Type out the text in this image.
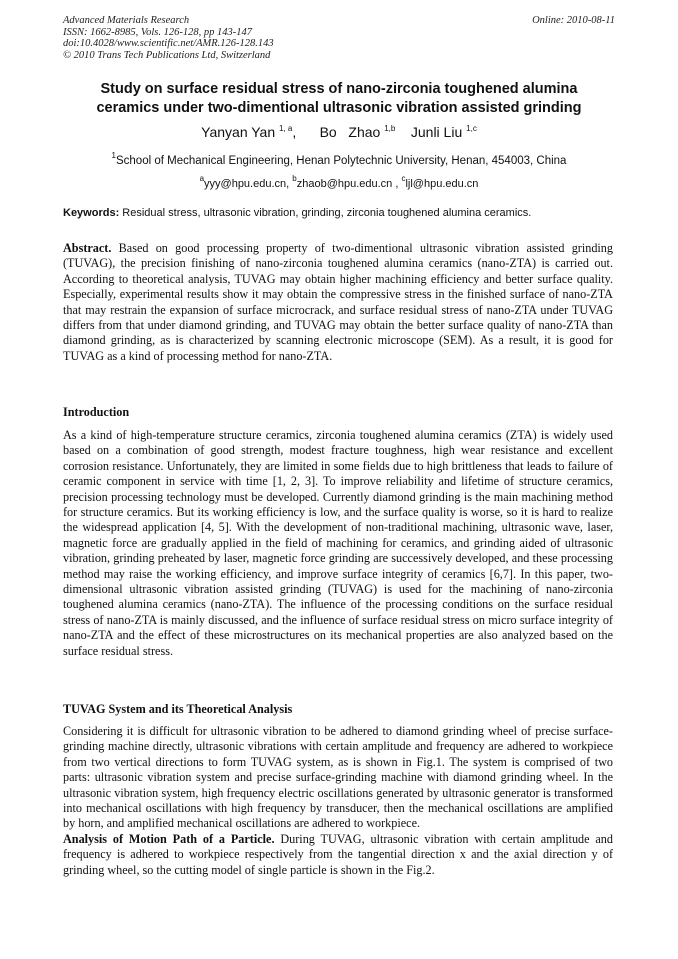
Advanced Materials Research
ISSN: 1662-8985, Vols. 126-128, pp 143-147
doi:10.4028/www.scientific.net/AMR.126-128.143
© 2010 Trans Tech Publications Ltd, Switzerland
Online: 2010-08-11
Study on surface residual stress of nano-zirconia toughened alumina
ceramics under two-dimentional ultrasonic vibration assisted grinding
Yanyan Yan $^{1, a}$,      Bo   Zhao $^{1,b}$ Junli Liu $^{1,c}$
$^1$School of Mechanical Engineering, Henan Polytechnic University, Henan, 454003, China
$^a$yyy@hpu.edu.cn, $^b$zhaob@hpu.edu.cn , $^c$ljl@hpu.edu.cn
Keywords: Residual stress, ultrasonic vibration, grinding, zirconia toughened alumina ceramics.

Abstract. Based on good processing property of two-dimentional ultrasonic vibration assisted grinding (TUVAG), the precision finishing of nano-zirconia toughened alumina ceramics (nano-ZTA) is carried out. According to theoretical analysis, TUVAG may obtain higher machining efficiency and better surface quality. Especially, experimental results show it may obtain the compressive stress in the finished surface of nano-ZTA that may restrain the expansion of surface microcrack, and surface residual stress of nano-ZTA under TUVAG differs from that under diamond grinding, and TUVAG may obtain the better surface quality of nano-ZTA than diamond grinding, as is characterized by scanning electronic microscope (SEM). As a result, it is good for TUVAG as a kind of processing method for nano-ZTA.

Introduction

As a kind of high-temperature structure ceramics, zirconia toughened alumina ceramics (ZTA) is widely used based on a combination of good strength, modest fracture toughness, high wear resistance and excellent corrosion resistance. Unfortunately, they are limited in some fields due to high brittleness that leads to failure of ceramic component in service with time [1, 2, 3]. To improve reliability and lifetime of structure ceramics, precision processing technology must be developed. Currently diamond grinding is the main machining method for structure ceramics. But its working efficiency is low, and the surface quality is worse, so it is hard to realize the widespread application [4, 5]. With the development of non-traditional machining, ultrasonic wave, laser, magnetic force are gradually applied in the field of machining for ceramics, and grinding aided of ultrasonic vibration, grinding preheated by laser, magnetic force grinding are successively developed, and these processing method may raise the working efficiency, and improve surface integrity of ceramics [6,7]. In this paper, two-dimensional ultrasonic vibration assisted grinding (TUVAG) is used for the machining of nano-zirconia toughened alumina ceramics (nano-ZTA). The influence of the processing conditions on the surface residual stress of nano-ZTA is mainly discussed, and the influence of surface residual stress on micro surface integrity of nano-ZTA and the effect of these microstructures on its mechanical properties are also analyzed based on the surface residual stress.

TUVAG System and its Theoretical Analysis

Considering it is difficult for ultrasonic vibration to be adhered to diamond grinding wheel of precise surface-grinding machine directly, ultrasonic vibrations with certain amplitude and frequency are adhered to workpiece from two vertical directions to form TUVAG system, as is shown in Fig.1. The system is comprised of two parts: ultrasonic vibration system and precise surface-grinding machine with diamond grinding wheel. In the ultrasonic vibration system, high frequency electric oscillations generated by ultrasonic generator is transformed into mechanical oscillations with high frequency by transducer, then the mechanical oscillations are amplified by horn, and amplified mechanical oscillations are adhered to workpiece.

Analysis of Motion Path of a Particle. During TUVAG, ultrasonic vibration with certain amplitude and frequency is adhered to workpiece respectively from the tangential direction x and the axial direction y of grinding wheel, so the cutting model of single particle is shown in the Fig.2.
